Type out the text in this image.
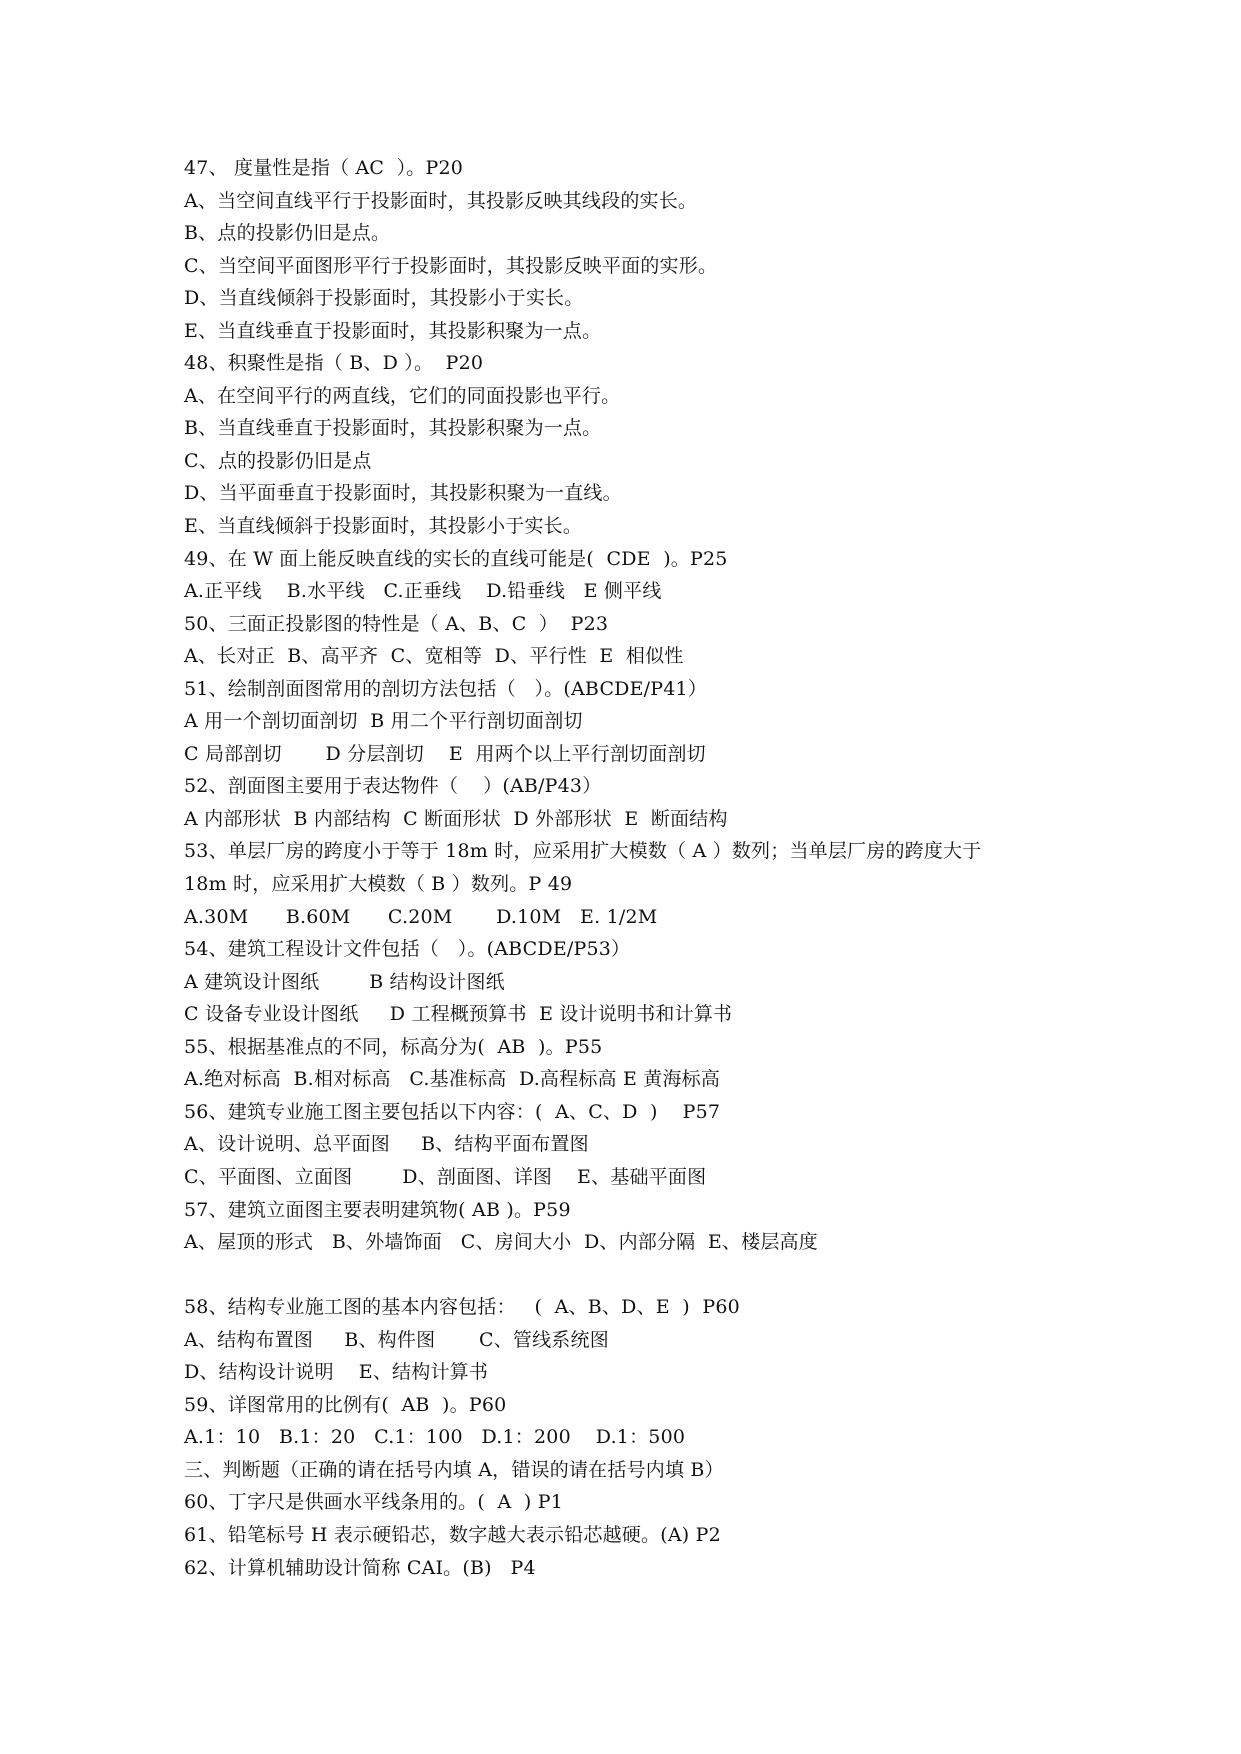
47、 度量性是指（ AC  ）。P20
A、当空间直线平行于投影面时，其投影反映其线段的实长。
B、点的投影仍旧是点。
C、当空间平面图形平行于投影面时，其投影反映平面的实形。
D、当直线倾斜于投影面时，其投影小于实长。
E、当直线垂直于投影面时，其投影积聚为一点。
48、积聚性是指（ B、D ）。  P20
A、在空间平行的两直线，它们的同面投影也平行。
B、当直线垂直于投影面时，其投影积聚为一点。
C、点的投影仍旧是点
D、当平面垂直于投影面时，其投影积聚为一直线。
E、当直线倾斜于投影面时，其投影小于实长。
49、在 W 面上能反映直线的实长的直线可能是(  CDE  )。P25
A.正平线    B.水平线   C.正垂线    D.铅垂线   E 侧平线
50、三面正投影图的特性是（ A、B、C  ）  P23
A、长对正  B、高平齐  C、宽相等  D、平行性  E  相似性
51、绘制剖面图常用的剖切方法包括（   ）。(ABCDE/P41）
A 用一个剖切面剖切  B 用二个平行剖切面剖切
C 局部剖切       D 分层剖切    E  用两个以上平行剖切面剖切
52、剖面图主要用于表达物件（    ）(AB/P43）
A 内部形状  B 内部结构  C 断面形状  D 外部形状  E  断面结构
53、单层厂房的跨度小于等于 18m 时，应采用扩大模数（ A ）数列；当单层厂房的跨度大于
18m 时，应采用扩大模数（ B ）数列。P 49
A.30M      B.60M      C.20M       D.10M   E. 1/2M
54、建筑工程设计文件包括（   ）。(ABCDE/P53）
A 建筑设计图纸        B 结构设计图纸
C 设备专业设计图纸     D 工程概预算书  E 设计说明书和计算书
55、根据基准点的不同，标高分为(  AB  )。P55
A.绝对标高  B.相对标高   C.基准标高  D.高程标高 E 黄海标高
56、建筑专业施工图主要包括以下内容：(  A、C、D  )    P57
A、设计说明、总平面图     B、结构平面布置图
C、平面图、立面图        D、剖面图、详图    E、基础平面图
57、建筑立面图主要表明建筑物( AB )。P59
A、屋顶的形式   B、外墙饰面   C、房间大小  D、内部分隔  E、楼层高度
58、结构专业施工图的基本内容包括：   (  A、B、D、E  )  P60
A、结构布置图     B、构件图       C、管线系统图
D、结构设计说明    E、结构计算书
59、详图常用的比例有(  AB  )。P60
A.1：10   B.1：20   C.1：100   D.1：200    D.1：500
三、判断题（正确的请在括号内填 A，错误的请在括号内填 B）
60、丁字尺是供画水平线条用的。(  A  ) P1
61、铅笔标号 H 表示硬铅芯，数字越大表示铅芯越硬。(A) P2
62、计算机辅助设计简称 CAI。(B)   P4
